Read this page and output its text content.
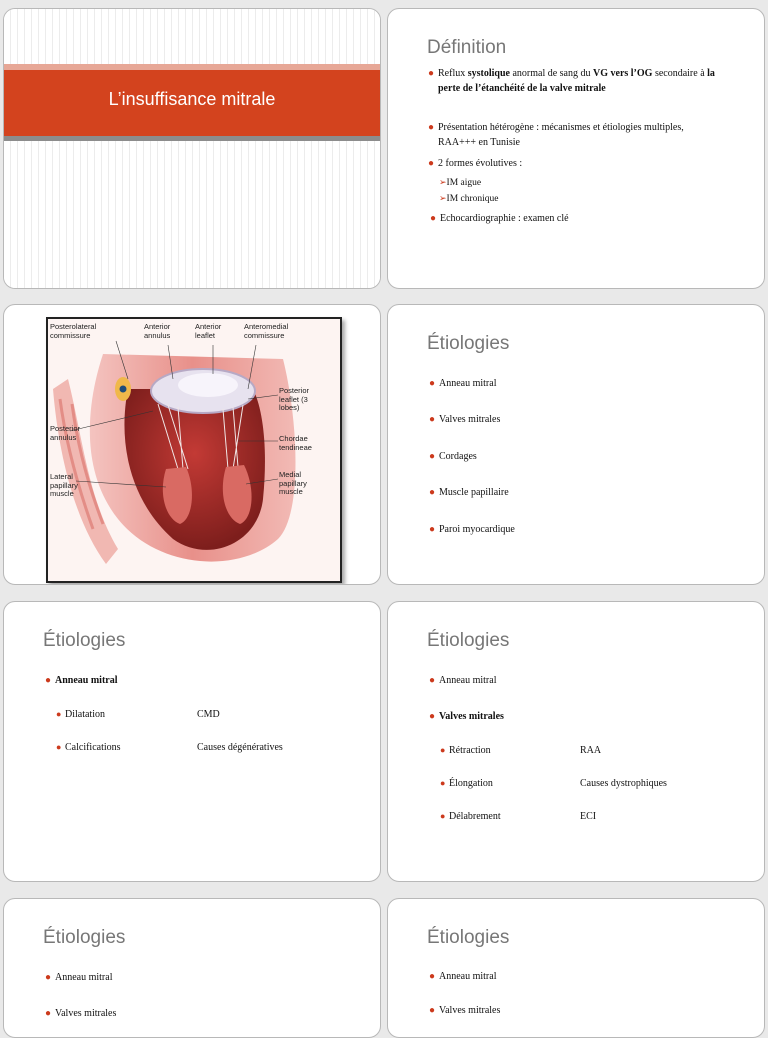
L’insuffisance mitrale
Définition
● Reflux systolique anormal de sang du VG vers l’OG secondaire à la perte de l’étanchéité de la valve mitrale
● Présentation hétérogène : mécanismes et étiologies multiples, RAA+++ en Tunisie
● 2 formes évolutives :
➢IM aigue
➢IM chronique
● Echocardiographie : examen clé
Posterolateral commissure
Anterior annulus
Anterior leaflet
Anteromedial commissure
Posterior leaflet (3 lobes)
Posterior annulus	Chordae tendineae
Lateral papillary muscle
Medial papillary muscle
Étiologies
● Anneau mitral
● Valves mitrales
● Cordages
● Muscle papillaire
● Paroi myocardique
Étiologies
● Anneau mitral
● Dilatation	CMD
● Calcifications	Causes dégénératives
Étiologies
● Anneau mitral
● Valves mitrales
● Rétraction	RAA
● Élongation	Causes dystrophiques
● Délabrement	ECI
Étiologies
● Anneau mitral
● Valves mitrales
Étiologies
● Anneau mitral
● Valves mitrales
